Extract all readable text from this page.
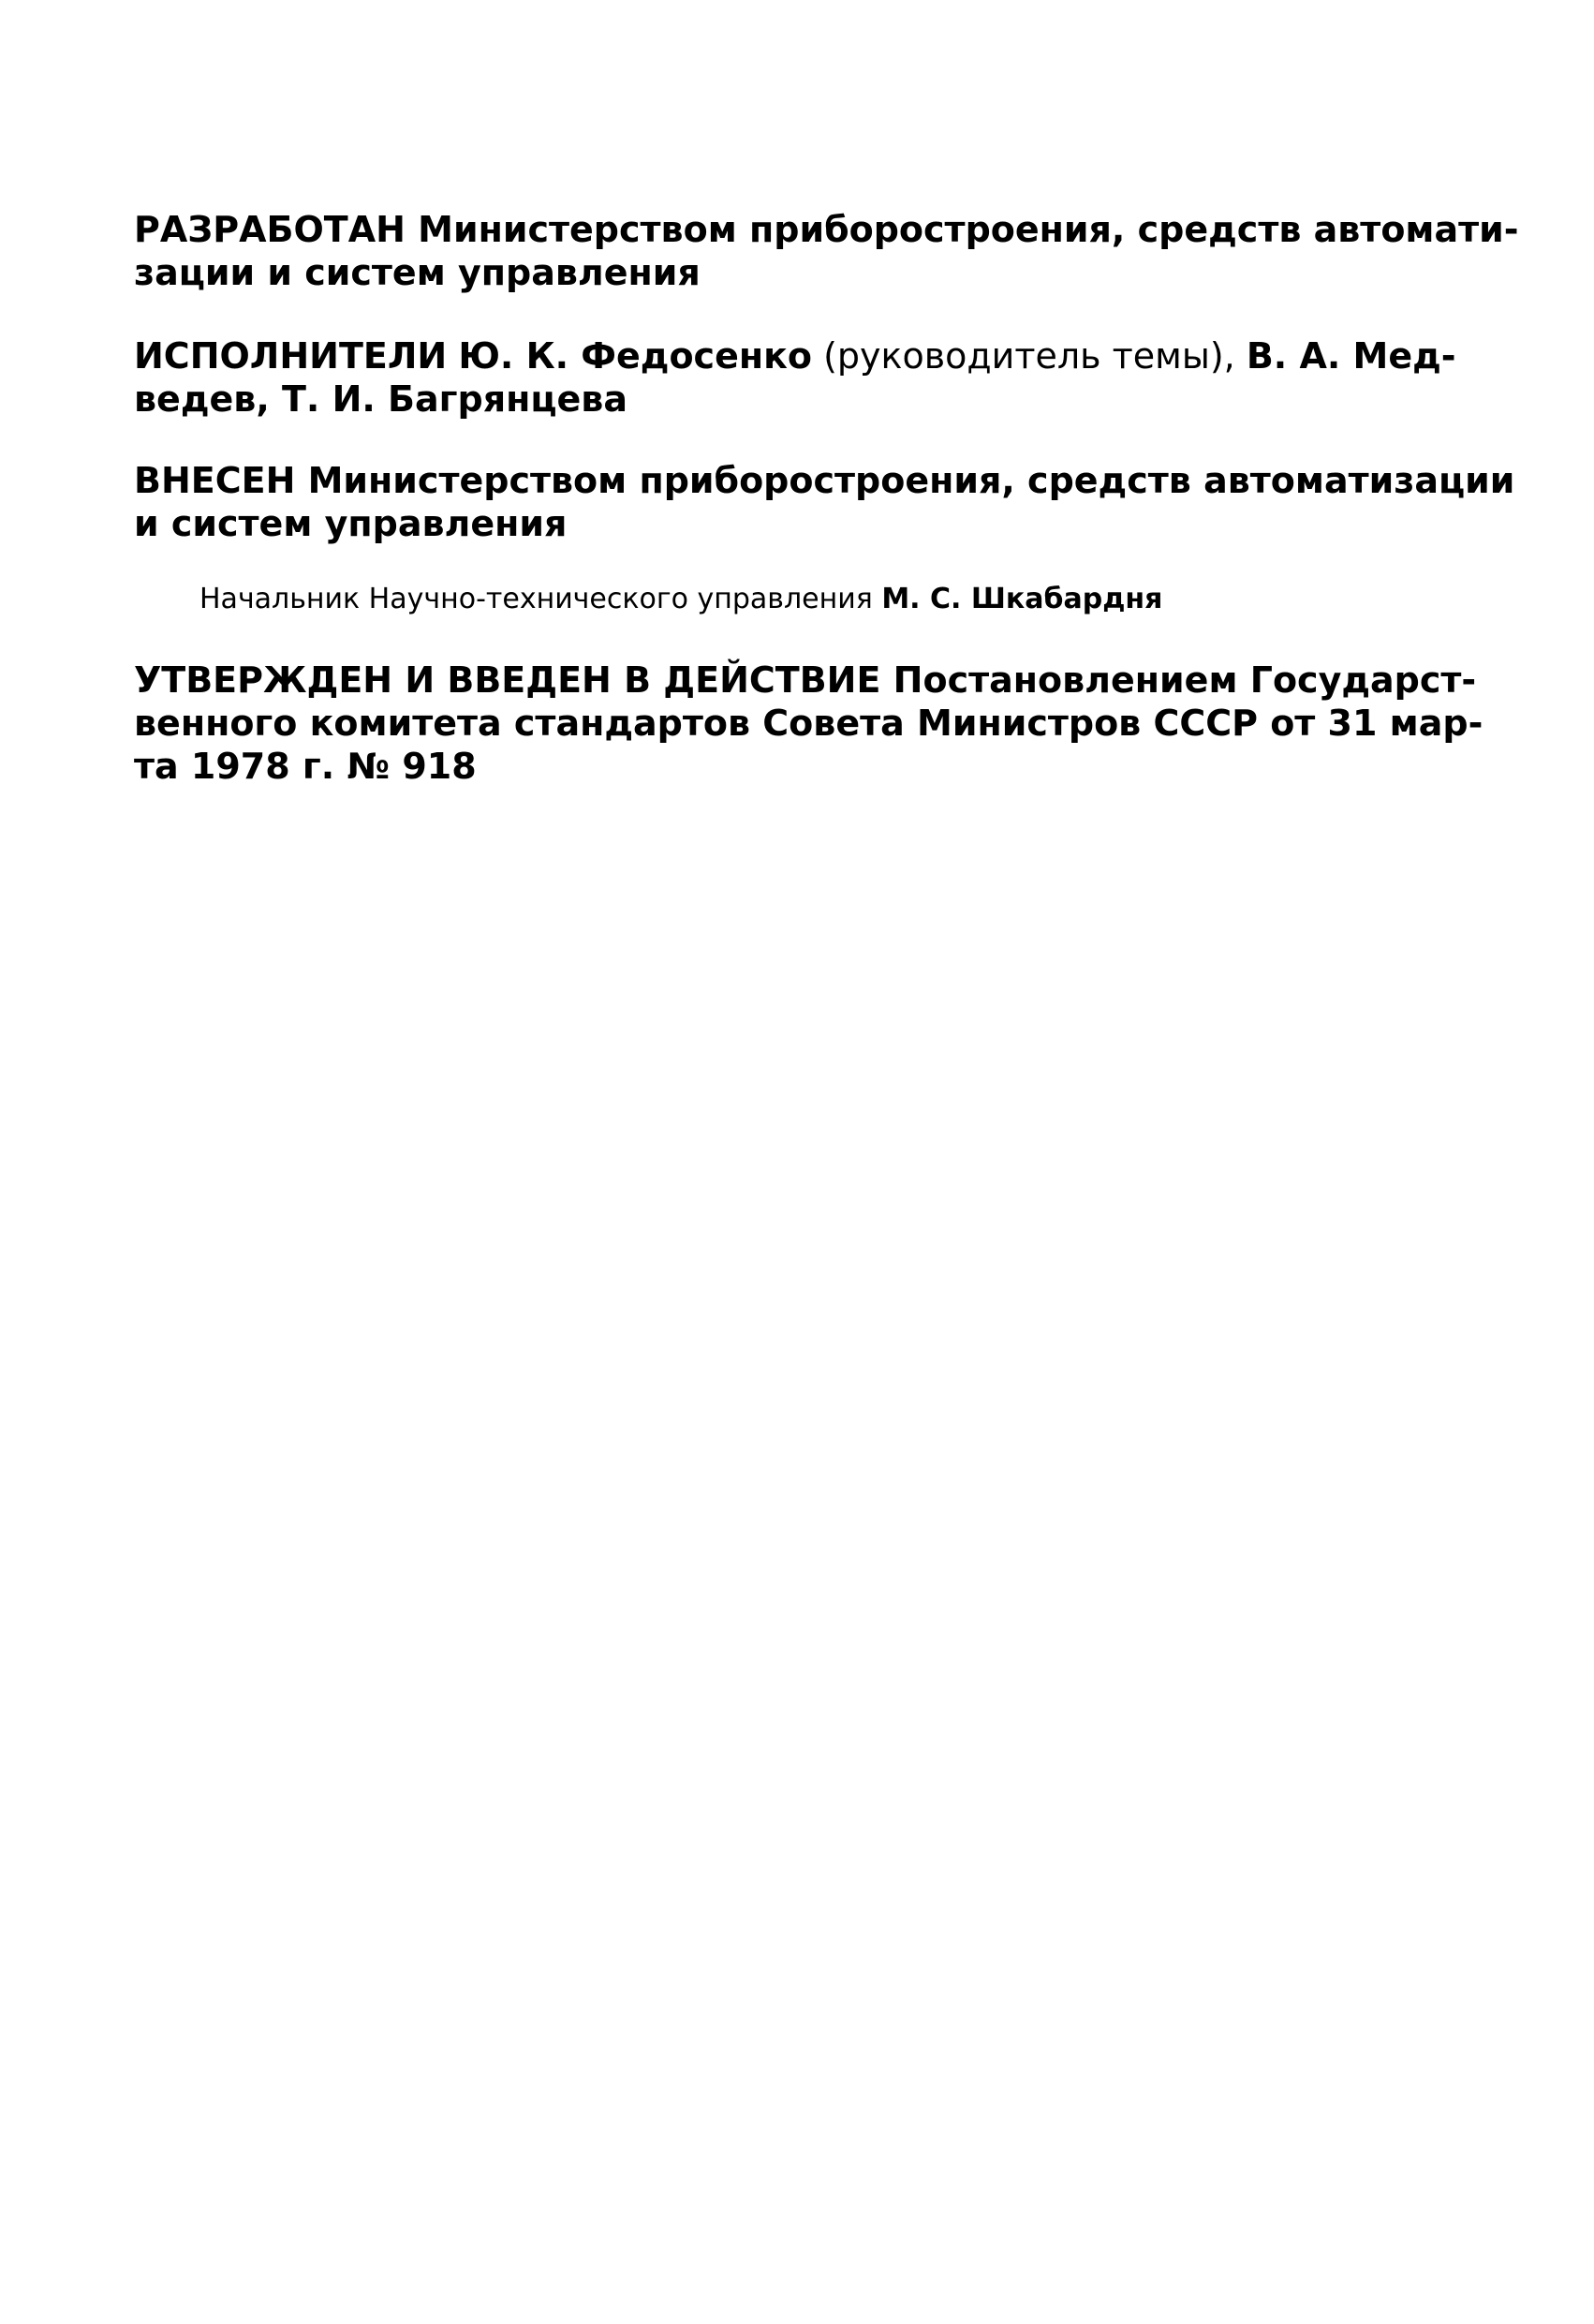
РАЗРАБОТАН Министерством приборостроения, средств автомати-
зации и систем управления
ИСПОЛНИТЕЛИ Ю. К. Федосенко (руководитель темы), В. А. Мед-
ведев, Т. И. Багрянцева
ВНЕСЕН Министерством приборостроения, средств автоматизации
и систем управления
Начальник Научно-технического управления М. С. Шкабардня
УТВЕРЖДЕН И ВВЕДЕН В ДЕЙСТВИЕ Постановлением Государст-
венного комитета стандартов Совета Министров СССР от 31 мар-
та 1978 г. № 918
